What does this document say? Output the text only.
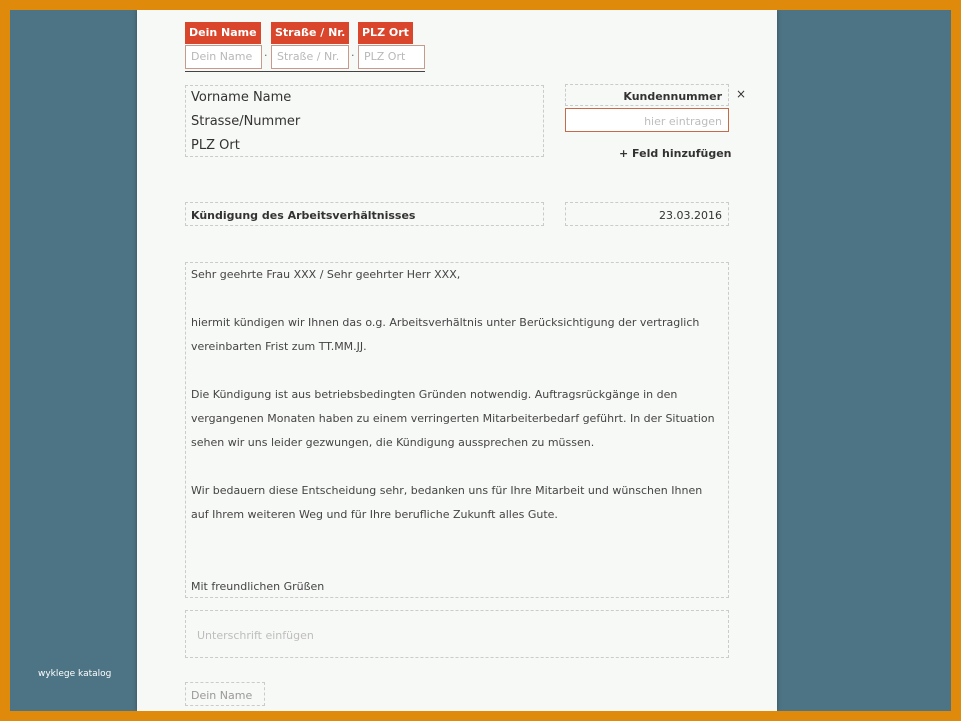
Dein Name	Straße / Nr.	PLZ Ort
Dein Name	· Straße / Nr.	· PLZ Ort
Vorname Name
Strasse/Nummer
PLZ Ort
Kundennummer	×
hier eintragen
+ Feld hinzufügen
Kündigung des Arbeitsverhältnisses	23.03.2016
Sehr geehrte Frau XXX / Sehr geehrter Herr XXX,

hiermit kündigen wir Ihnen das o.g. Arbeitsverhältnis unter Berücksichtigung der vertraglich
vereinbarten Frist zum TT.MM.JJ.

Die Kündigung ist aus betriebsbedingten Gründen notwendig. Auftragsrückgänge in den
vergangenen Monaten haben zu einem verringerten Mitarbeiterbedarf geführt. In der Situation
sehen wir uns leider gezwungen, die Kündigung aussprechen zu müssen.

Wir bedauern diese Entscheidung sehr, bedanken uns für Ihre Mitarbeit und wünschen Ihnen
auf Ihrem weiteren Weg und für Ihre berufliche Zukunft alles Gute.

Mit freundlichen Grüßen
Unterschrift einfügen
Dein Name
wyklege katalog
